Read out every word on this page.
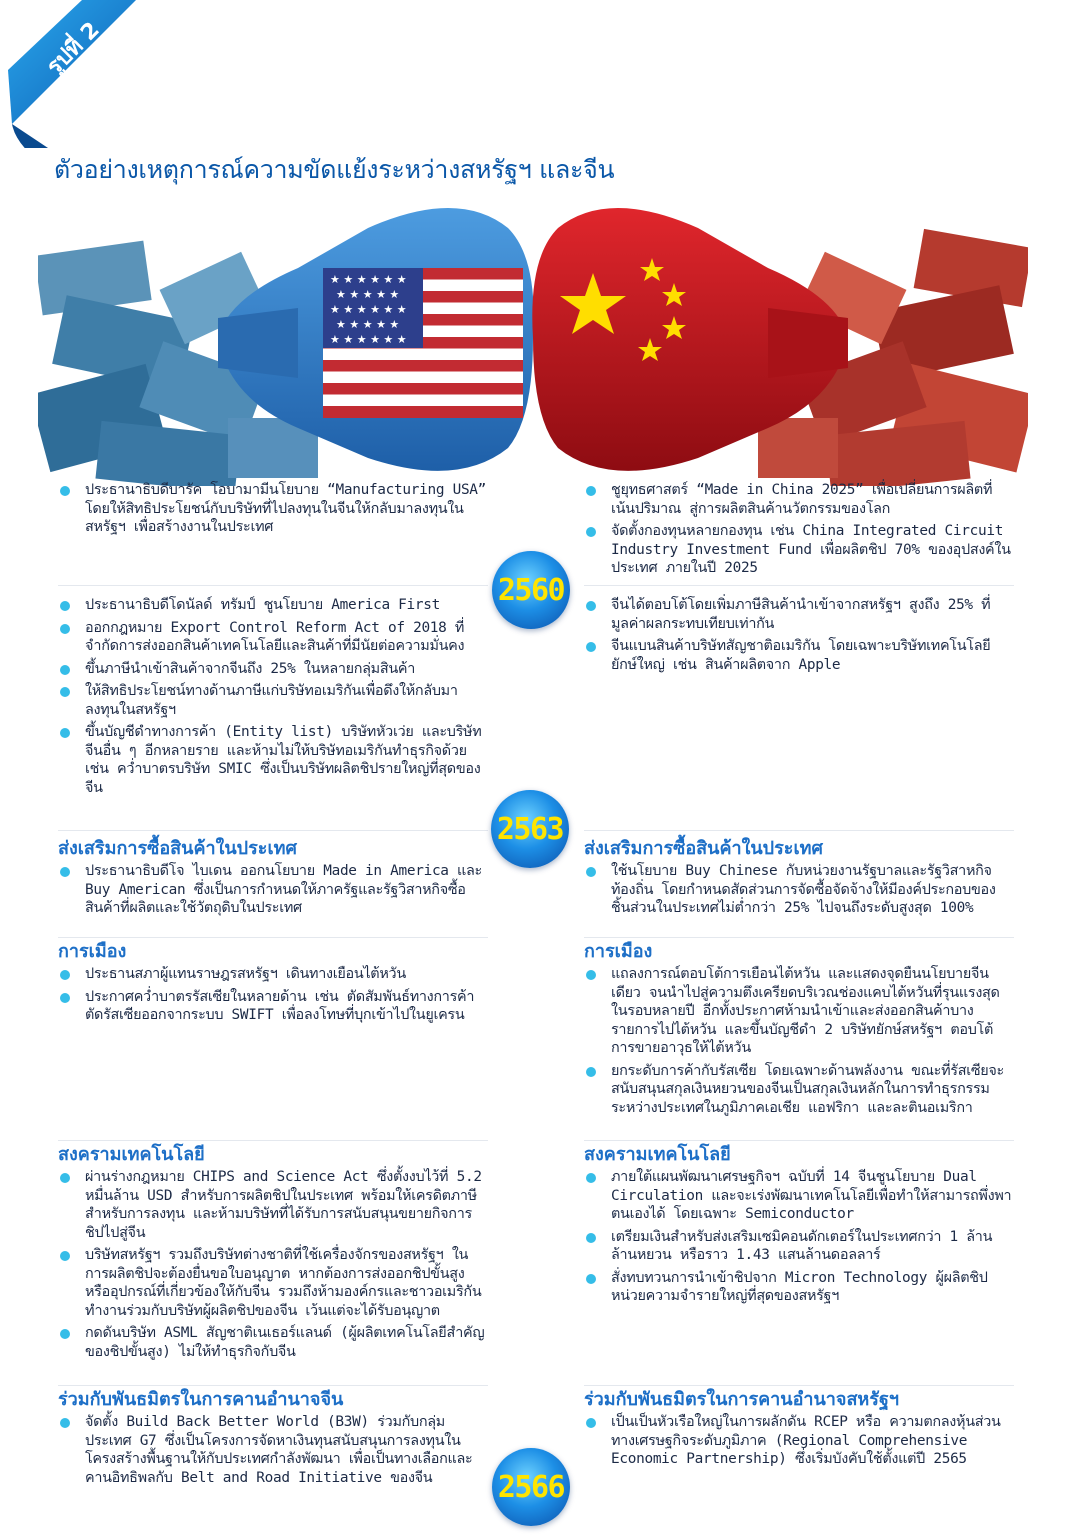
รูปที่ 2
ตัวอย่างเหตุการณ์ความขัดแย้งระหว่างสหรัฐฯ และจีน
★ ★ ★ ★ ★ ★
★ ★ ★ ★ ★
★ ★ ★ ★ ★ ★
★ ★ ★ ★ ★
★ ★ ★ ★ ★ ★
ประธานาธิบดีบารัค โอบามามีนโยบาย “Manufacturing USA” โดยให้สิทธิประโยชน์กับบริษัทที่ไปลงทุนในจีนให้กลับมาลงทุนในสหรัฐฯ เพื่อสร้างงานในประเทศ
ชูยุทธศาสตร์ “Made in China 2025” เพื่อเปลี่ยนการผลิตที่เน้นปริมาณ สู่การผลิตสินค้านวัตกรรมของโลก
จัดตั้งกองทุนหลายกองทุน เช่น China Integrated Circuit Industry Investment Fund เพื่อผลิตชิป 70% ของอุปสงค์ในประเทศ ภายในปี 2025
ประธานาธิบดีโดนัลด์ ทรัมป์ ชูนโยบาย America First
ออกกฎหมาย Export Control Reform Act of 2018 ที่จำกัดการส่งออกสินค้าเทคโนโลยีและสินค้าที่มีนัยต่อความมั่นคง
ขึ้นภาษีนำเข้าสินค้าจากจีนถึง 25% ในหลายกลุ่มสินค้า
ให้สิทธิประโยชน์ทางด้านภาษีแก่บริษัทอเมริกันเพื่อดึงให้กลับมาลงทุนในสหรัฐฯ
ขึ้นบัญชีดำทางการค้า (Entity list) บริษัทหัวเว่ย และบริษัทจีนอื่น ๆ อีกหลายราย และห้ามไม่ให้บริษัทอเมริกันทำธุรกิจด้วย เช่น คว่ำบาตรบริษัท SMIC ซึ่งเป็นบริษัทผลิตชิปรายใหญ่ที่สุดของจีน
จีนได้ตอบโต้โดยเพิ่มภาษีสินค้านำเข้าจากสหรัฐฯ สูงถึง 25% ที่มูลค่าผลกระทบเทียบเท่ากัน
จีนแบนสินค้าบริษัทสัญชาติอเมริกัน โดยเฉพาะบริษัทเทคโนโลยียักษ์ใหญ่ เช่น สินค้าผลิตจาก Apple
ส่งเสริมการซื้อสินค้าในประเทศ
ประธานาธิบดีโจ ไบเดน ออกนโยบาย Made in America และ Buy American ซึ่งเป็นการกำหนดให้ภาครัฐและรัฐวิสาหกิจซื้อสินค้าที่ผลิตและใช้วัตถุดิบในประเทศ
ส่งเสริมการซื้อสินค้าในประเทศ
ใช้นโยบาย Buy Chinese กับหน่วยงานรัฐบาลและรัฐวิสาหกิจท้องถิ่น โดยกำหนดสัดส่วนการจัดซื้อจัดจ้างให้มีองค์ประกอบของชิ้นส่วนในประเทศไม่ต่ำกว่า 25% ไปจนถึงระดับสูงสุด 100%
การเมือง
ประธานสภาผู้แทนราษฎรสหรัฐฯ เดินทางเยือนไต้หวัน
ประกาศคว่ำบาตรรัสเซียในหลายด้าน เช่น ตัดสัมพันธ์ทางการค้า ตัดรัสเซียออกจากระบบ SWIFT เพื่อลงโทษที่บุกเข้าไปในยูเครน
การเมือง
แถลงการณ์ตอบโต้การเยือนไต้หวัน และแสดงจุดยืนนโยบายจีนเดียว จนนำไปสู่ความตึงเครียดบริเวณช่องแคบไต้หวันที่รุนแรงสุดในรอบหลายปี อีกทั้งประกาศห้ามนำเข้าและส่งออกสินค้าบางรายการไปไต้หวัน และขึ้นบัญชีดำ 2 บริษัทยักษ์สหรัฐฯ ตอบโต้การขายอาวุธให้ไต้หวัน
ยกระดับการค้ากับรัสเซีย โดยเฉพาะด้านพลังงาน ขณะที่รัสเซียจะสนับสนุนสกุลเงินหยวนของจีนเป็นสกุลเงินหลักในการทำธุรกรรมระหว่างประเทศในภูมิภาคเอเชีย แอฟริกา และละตินอเมริกา
สงครามเทคโนโลยี
ผ่านร่างกฎหมาย CHIPS and Science Act ซึ่งตั้งงบไว้ที่ 5.2 หมื่นล้าน USD สำหรับการผลิตชิปในประเทศ พร้อมให้เครดิตภาษีสำหรับการลงทุน และห้ามบริษัทที่ได้รับการสนับสนุนขยายกิจการชิปไปสู่จีน
บริษัทสหรัฐฯ รวมถึงบริษัทต่างชาติที่ใช้เครื่องจักรของสหรัฐฯ ในการผลิตชิปจะต้องยื่นขอใบอนุญาต หากต้องการส่งออกชิปขั้นสูง หรืออุปกรณ์ที่เกี่ยวข้องให้กับจีน รวมถึงห้ามองค์กรและชาวอเมริกัน ทำงานร่วมกับบริษัทผู้ผลิตชิปของจีน เว้นแต่จะได้รับอนุญาต
กดดันบริษัท ASML สัญชาติเนเธอร์แลนด์ (ผู้ผลิตเทคโนโลยีสำคัญของชิปขั้นสูง) ไม่ให้ทำธุรกิจกับจีน
สงครามเทคโนโลยี
ภายใต้แผนพัฒนาเศรษฐกิจฯ ฉบับที่ 14 จีนชูนโยบาย Dual Circulation และจะเร่งพัฒนาเทคโนโลยีเพื่อทำให้สามารถพึ่งพาตนเองได้ โดยเฉพาะ Semiconductor
เตรียมเงินสำหรับส่งเสริมเซมิคอนดักเตอร์ในประเทศกว่า 1 ล้านล้านหยวน หรือราว 1.43 แสนล้านดอลลาร์
สั่งทบทวนการนำเข้าชิปจาก Micron Technology ผู้ผลิตชิปหน่วยความจำรายใหญ่ที่สุดของสหรัฐฯ
ร่วมกับพันธมิตรในการคานอำนาจจีน
จัดตั้ง Build Back Better World (B3W) ร่วมกับกลุ่มประเทศ G7 ซึ่งเป็นโครงการจัดหาเงินทุนสนับสนุนการลงทุนในโครงสร้างพื้นฐานให้กับประเทศกำลังพัฒนา เพื่อเป็นทางเลือกและคานอิทธิพลกับ Belt and Road Initiative ของจีน
ร่วมกับพันธมิตรในการคานอำนาจสหรัฐฯ
เป็นเป็นหัวเรือใหญ่ในการผลักดัน RCEP หรือ ความตกลงหุ้นส่วนทางเศรษฐกิจระดับภูมิภาค (Regional Comprehensive Economic Partnership) ซึ่งเริ่มบังคับใช้ตั้งแต่ปี 2565
2560
2563
2566
